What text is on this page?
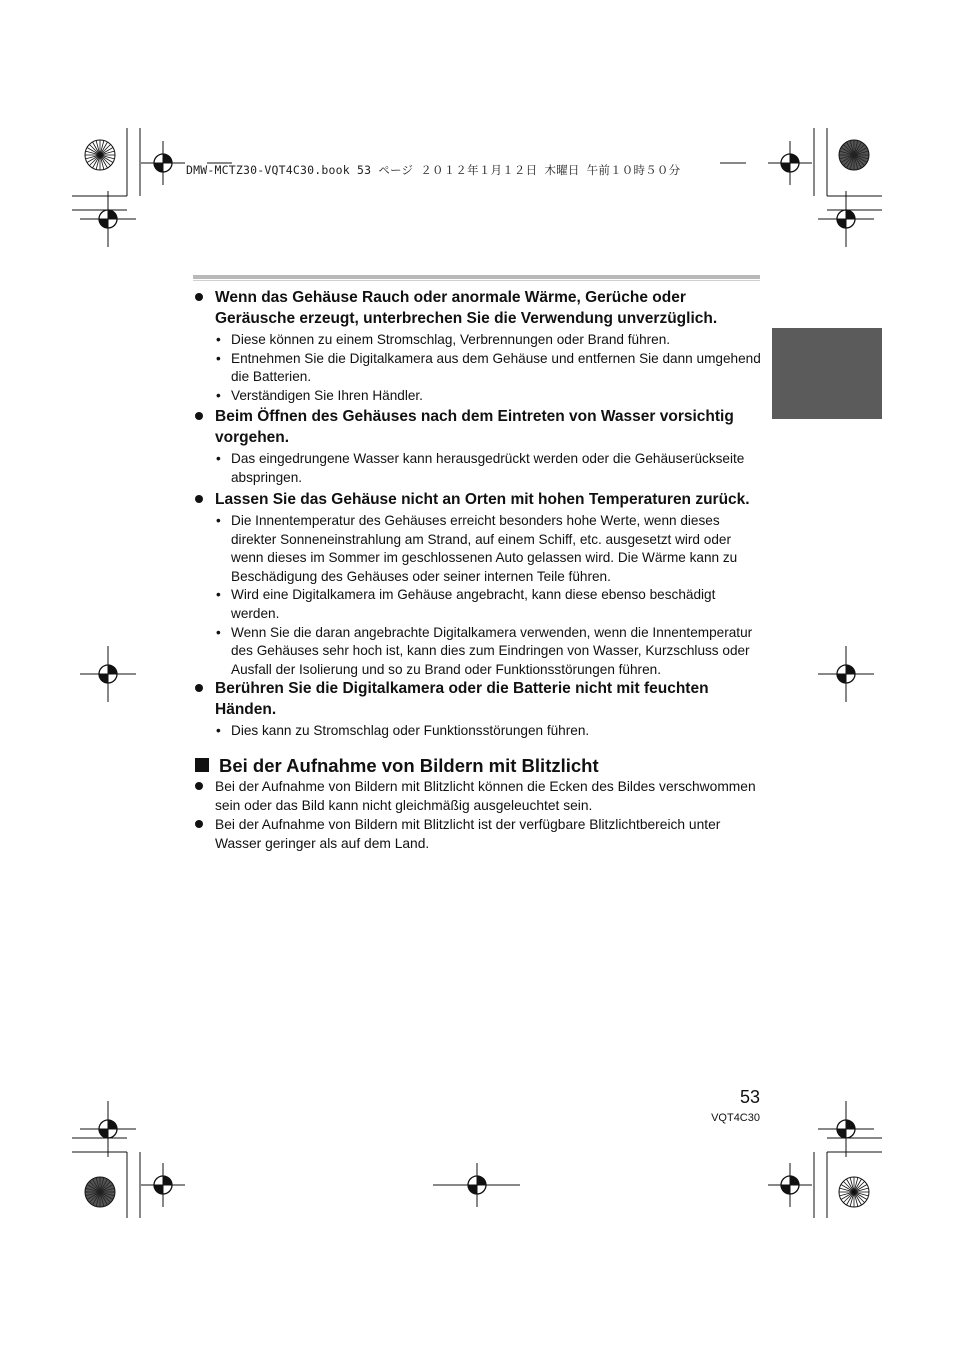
DMW-MCTZ30-VQT4C30.book 53 ページ ２０１２年１月１２日 木曜日 午前１０時５０分
Wenn das Gehäuse Rauch oder anormale Wärme, Gerüche oder Geräusche erzeugt, unterbrechen Sie die Verwendung unverzüglich.
• Diese können zu einem Stromschlag, Verbrennungen oder Brand führen.
• Entnehmen Sie die Digitalkamera aus dem Gehäuse und entfernen Sie dann umgehend die Batterien.
• Verständigen Sie Ihren Händler.
Beim Öffnen des Gehäuses nach dem Eintreten von Wasser vorsichtig vorgehen.
• Das eingedrungene Wasser kann herausgedrückt werden oder die Gehäuserückseite abspringen.
Lassen Sie das Gehäuse nicht an Orten mit hohen Temperaturen zurück.
• Die Innentemperatur des Gehäuses erreicht besonders hohe Werte, wenn dieses direkter Sonneneinstrahlung am Strand, auf einem Schiff, etc. ausgesetzt wird oder wenn dieses im Sommer im geschlossenen Auto gelassen wird. Die Wärme kann zu Beschädigung des Gehäuses oder seiner internen Teile führen.
• Wird eine Digitalkamera im Gehäuse angebracht, kann diese ebenso beschädigt werden.
• Wenn Sie die daran angebrachte Digitalkamera verwenden, wenn die Innentemperatur des Gehäuses sehr hoch ist, kann dies zum Eindringen von Wasser, Kurzschluss oder Ausfall der Isolierung und so zu Brand oder Funktionsstörungen führen.
Berühren Sie die Digitalkamera oder die Batterie nicht mit feuchten Händen.
• Dies kann zu Stromschlag oder Funktionsstörungen führen.
Bei der Aufnahme von Bildern mit Blitzlicht
Bei der Aufnahme von Bildern mit Blitzlicht können die Ecken des Bildes verschwommen sein oder das Bild kann nicht gleichmäßig ausgeleuchtet sein.
Bei der Aufnahme von Bildern mit Blitzlicht ist der verfügbare Blitzlichtbereich unter Wasser geringer als auf dem Land.
53
VQT4C30
